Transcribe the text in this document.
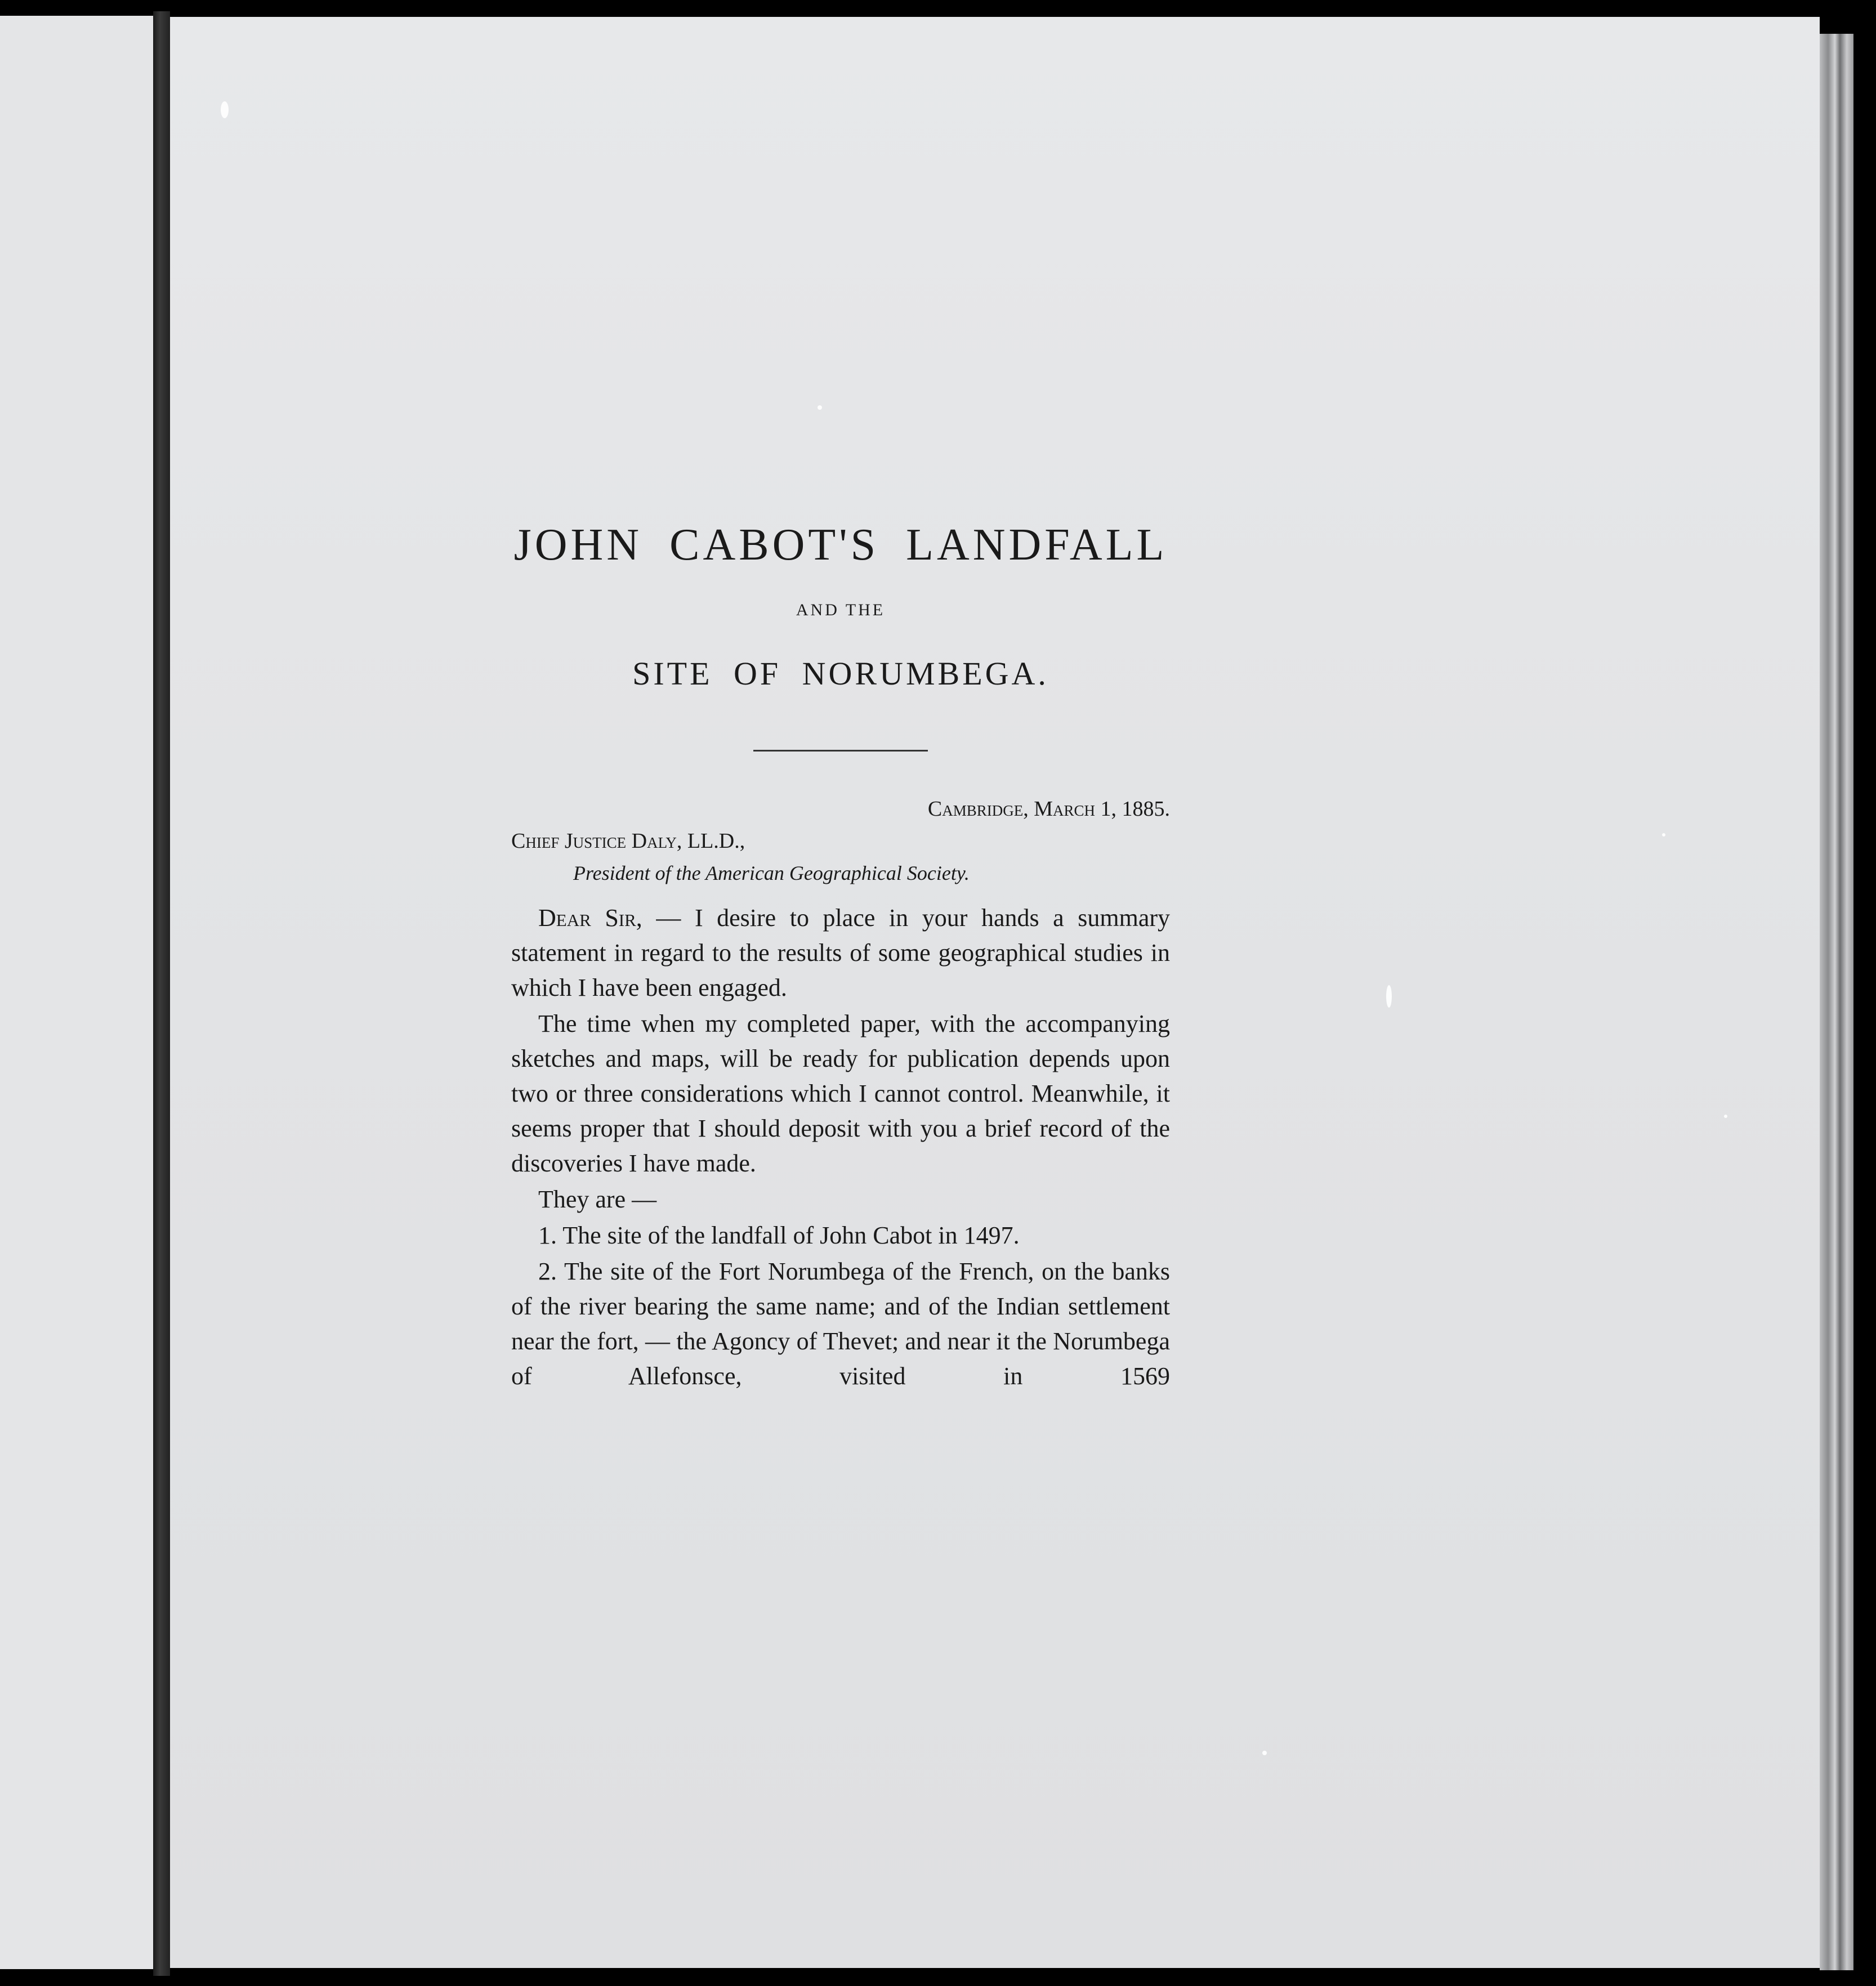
JOHN CABOT'S LANDFALL
AND THE
SITE OF NORUMBEGA.
Cambridge, March 1, 1885.
Chief Justice Daly, LL.D.,
President of the American Geographical Society.

Dear Sir, — I desire to place in your hands a summary statement in regard to the results of some geographical studies in which I have been engaged.

The time when my completed paper, with the accompanying sketches and maps, will be ready for publication depends upon two or three considerations which I cannot control. Meanwhile, it seems proper that I should deposit with you a brief record of the discoveries I have made.

They are —

1. The site of the landfall of John Cabot in 1497.

2. The site of the Fort Norumbega of the French, on the banks of the river bearing the same name; and of the Indian settlement near the fort, — the Agoncy of Thevet; and near it the Norumbega of Allefonsce, visited in 1569
